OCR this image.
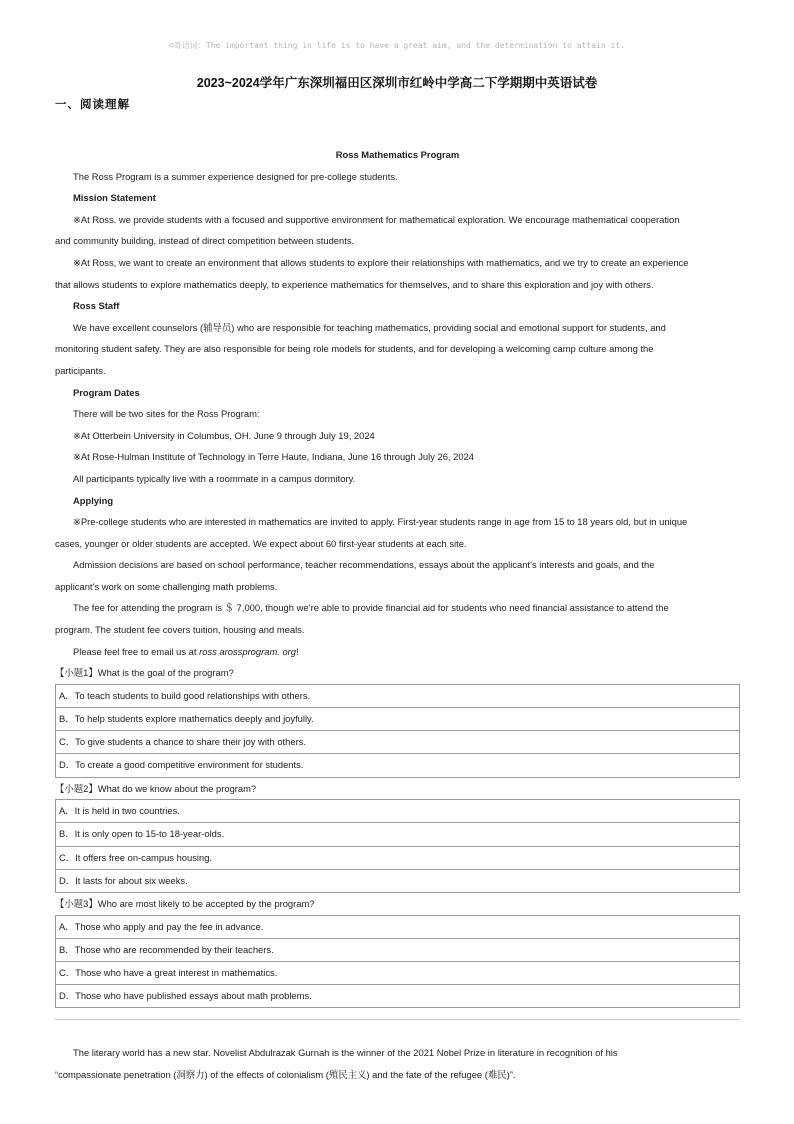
☺寄语词：The important thing in life is to have a great aim, and the determination to attain it.
2023~2024学年广东深圳福田区深圳市红岭中学高二下学期期中英语试卷
一、阅读理解
Ross Mathematics Program
The Ross Program is a summer experience designed for pre-college students.
Mission Statement
※At Ross. we provide students with a focused and supportive environment for mathematical exploration. We encourage mathematical cooperation
and community building, instead of direct competition between students.
※At Ross, we want to create an environment that allows students to explore their relationships with mathematics, and we try to create an experience
that allows students to explore mathematics deeply, to experience mathematics for themselves, and to share this exploration and joy with others.
Ross Staff
We have excellent counselors (辅导员) who are responsible for teaching mathematics, providing social and emotional support for students, and
monitoring student safety. They are also responsible for being role models for students, and for developing a welcoming camp culture among the
participants.
Program Dates
There will be two sites for the Ross Program:
※At Otterbein University in Columbus, OH. June 9 through July 19, 2024
※At Rose-Hulman Institute of Technology in Terre Haute, Indiana, June 16 through July 26, 2024
All participants typically live with a roommate in a campus dormitory.
Applying
※Pre-college students who are interested in mathematics are invited to apply. First-year students range in age from 15 to 18 years old, but in unique
cases, younger or older students are accepted. We expect about 60 first-year students at each site.
Admission decisions are based on school performance, teacher recommendations, essays about the applicant’s interests and goals, and the
applicant’s work on some challenging math problems.
The fee for attending the program is ＄ 7,000, though we’re able to provide financial aid for students who need financial assistance to attend the
program. The student fee covers tuition, housing and meals.
Please feel free to email us at ross arossprogram. org!
【小题1】What is the goal of the program?
A．To teach students to build good relationships with others.
B．To help students explore mathematics deeply and joyfully.
C．To give students a chance to share their joy with others.
D．To create a good competitive environment for students.
【小题2】What do we know about the program?
A．It is held in two countries.
B．It is only open to 15-to 18-year-olds.
C．It offers free on-campus housing.
D．It lasts for about six weeks.
【小题3】Who are most likely to be accepted by the program?
A．Those who apply and pay the fee in advance.
B．Those who are recommended by their teachers.
C．Those who have a great interest in mathematics.
D．Those who have published essays about math problems.
The literary world has a new star. Novelist Abdulrazak Gurnah is the winner of the 2021 Nobel Prize in literature in recognition of his
“compassionate penetration (洞察力) of the effects of colonialism (殖民主义) and the fate of the refugee (难民)”.
